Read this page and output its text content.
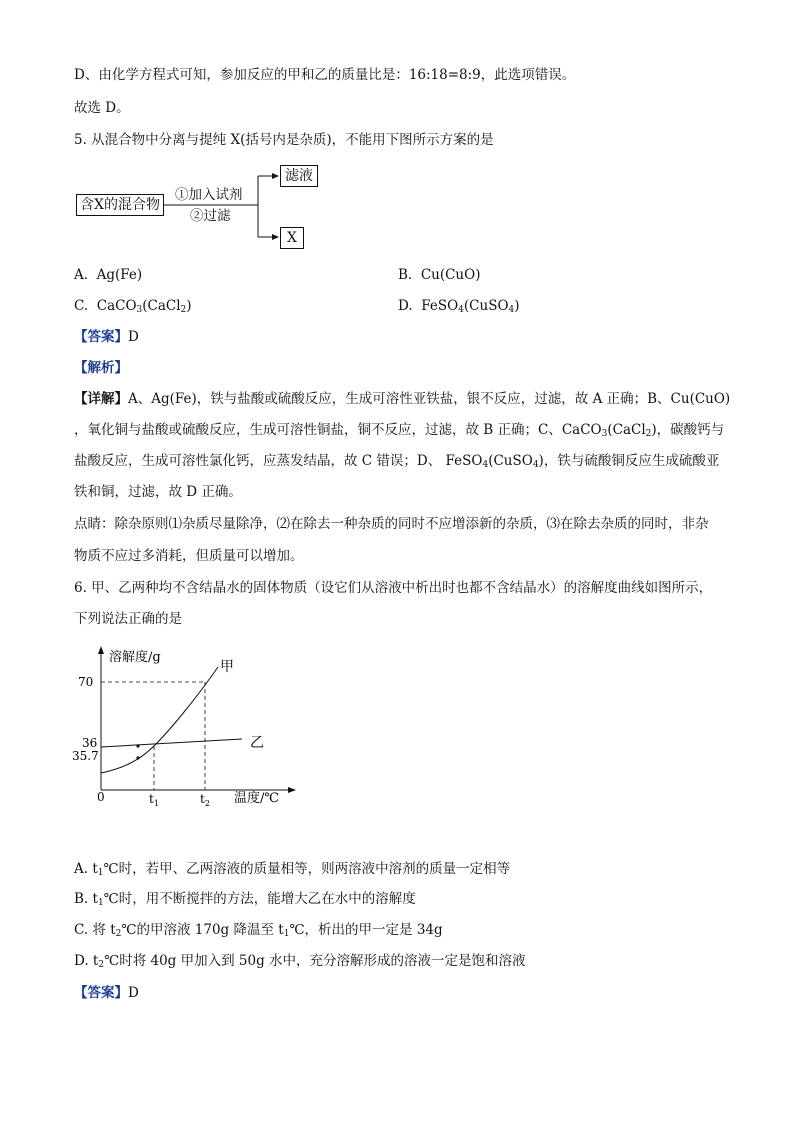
D、由化学方程式可知，参加反应的甲和乙的质量比是：16:18=8:9，此选项错误。
故选 D。
5. 从混合物中分离与提纯 X(括号内是杂质)，不能用下图所示方案的是
含X的混合物
①加入试剂
②过滤
滤液
X
A. Ag(Fe)	B. Cu(CuO)
C. CaCO$_3$(CaCl$_2$)	D. FeSO$_4$(CuSO$_4$)
【答案】D
【解析】
【详解】A、Ag(Fe)，铁与盐酸或硫酸反应，生成可溶性亚铁盐，银不反应，过滤，故 A 正确；B、Cu(CuO)
，氧化铜与盐酸或硫酸反应，生成可溶性铜盐，铜不反应，过滤，故 B 正确；C、CaCO$_3$(CaCl$_2$)，碳酸钙与
盐酸反应，生成可溶性氯化钙，应蒸发结晶，故 C 错误；D、 FeSO$_4$(CuSO$_4$)，铁与硫酸铜反应生成硫酸亚
铁和铜，过滤，故 D 正确。
点睛：除杂原则⑴杂质尽量除净，⑵在除去一种杂质的同时不应增添新的杂质，⑶在除去杂质的同时，非杂
物质不应过多消耗，但质量可以增加。
6. 甲、乙两种均不含结晶水的固体物质（设它们从溶液中析出时也都不含结晶水）的溶解度曲线如图所示，
下列说法正确的是
溶解度/g
甲
乙
70
36
35.7
0	$t_1$	$t_2$ 温度/℃
A. $t_1℃$时，若甲、乙两溶液的质量相等，则两溶液中溶剂的质量一定相等
B. $t_1℃$时，用不断搅拌的方法，能增大乙在水中的溶解度
C. 将 $t_2℃$的甲溶液 170g 降温至 $t_1℃$，析出的甲一定是 34g
D. $t_2℃$时将 40g 甲加入到 50g 水中，充分溶解形成的溶液一定是饱和溶液
【答案】D
